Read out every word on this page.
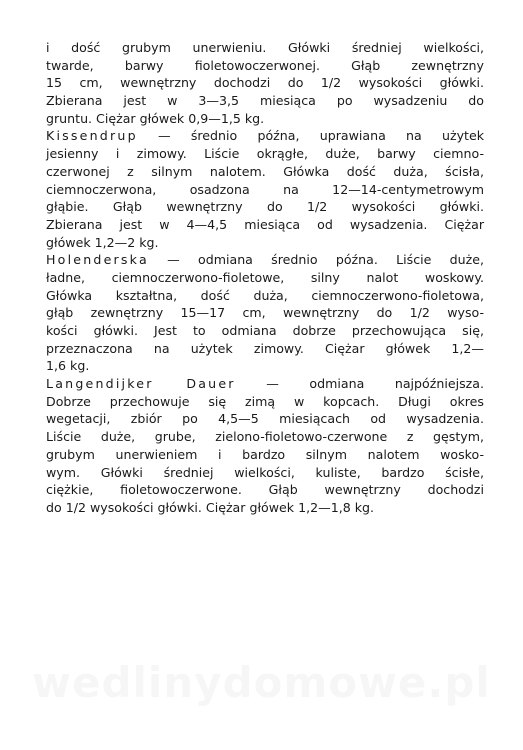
i dość grubym unerwieniu. Główki średniej wielkości,
twarde, barwy fioletowoczerwonej. Głąb zewnętrzny
15 cm, wewnętrzny dochodzi do 1/2 wysokości główki.
Zbierana jest w 3—3,5 miesiąca po wysadzeniu do
gruntu. Ciężar główek 0,9—1,5 kg.
Kissendrup — średnio późna, uprawiana na użytek
jesienny i zimowy. Liście okrągłe, duże, barwy ciemno-
czerwonej z silnym nalotem. Główka dość duża, ścisła,
ciemnoczerwona, osadzona na 12—14-centymetrowym
głąbie. Głąb wewnętrzny do 1/2 wysokości główki.
Zbierana jest w 4—4,5 miesiąca od wysadzenia. Ciężar
główek 1,2—2 kg.
Holenderska — odmiana średnio późna. Liście duże,
ładne, ciemnoczerwono-fioletowe, silny nalot woskowy.
Główka kształtna, dość duża, ciemnoczerwono-fioletowa,
głąb zewnętrzny 15—17 cm, wewnętrzny do 1/2 wyso-
kości główki. Jest to odmiana dobrze przechowująca się,
przeznaczona na użytek zimowy. Ciężar główek 1,2—
1,6 kg.
Langendijker Dauer — odmiana najpóźniejsza.
Dobrze przechowuje się zimą w kopcach. Długi okres
wegetacji, zbiór po 4,5—5 miesiącach od wysadzenia.
Liście duże, grube, zielono-fioletowo-czerwone z gęstym,
grubym unerwieniem i bardzo silnym nalotem wosko-
wym. Główki średniej wielkości, kuliste, bardzo ścisłe,
ciężkie, fioletowoczerwone. Głąb wewnętrzny dochodzi
do 1/2 wysokości główki. Ciężar główek 1,2—1,8 kg.
